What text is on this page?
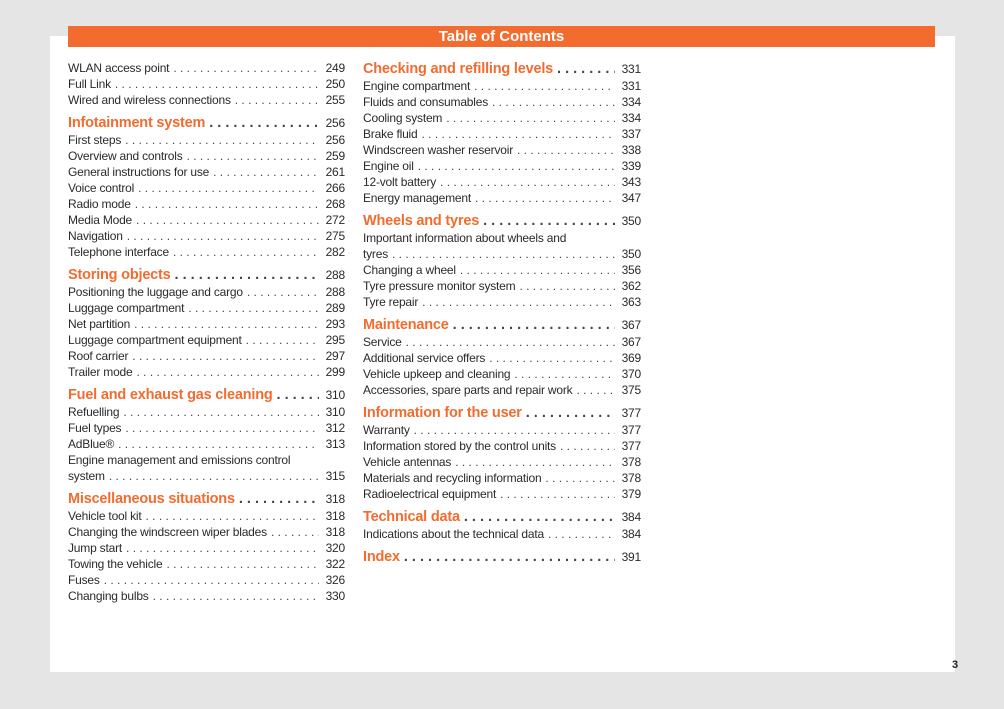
Table of Contents
WLAN access point . . .	249
Full Link . . .	250
Wired and wireless connections . . .	255
Infotainment system . . .	256
First steps . . .	256
Overview and controls . . .	259
General instructions for use . . .	261
Voice control . . .	266
Radio mode . . .	268
Media Mode . . .	272
Navigation . . .	275
Telephone interface . . .	282
Storing objects . . .	288
Positioning the luggage and cargo . . .	288
Luggage compartment . . .	289
Net partition . . .	293
Luggage compartment equipment . . .	295
Roof carrier . . .	297
Trailer mode . . .	299
Fuel and exhaust gas cleaning . . .	310
Refuelling . . .	310
Fuel types . . .	312
AdBlue® . . .	313
Engine management and emissions control
system . . .	315
Miscellaneous situations . . .	318
Vehicle tool kit . . .	318
Changing the windscreen wiper blades . . .	318
Jump start . . .	320
Towing the vehicle . . .	322
Fuses . . .	326
Changing bulbs . . .	330
Checking and refilling levels . . .	331
Engine compartment . . .	331
Fluids and consumables . . .	334
Cooling system . . .	334
Brake fluid . . .	337
Windscreen washer reservoir . . .	338
Engine oil . . .	339
12-volt battery . . .	343
Energy management . . .	347
Wheels and tyres . . .	350
Important information about wheels and
tyres . . .	350
Changing a wheel . . .	356
Tyre pressure monitor system . . .	362
Tyre repair . . .	363
Maintenance . . .	367
Service . . .	367
Additional service offers . . .	369
Vehicle upkeep and cleaning . . .	370
Accessories, spare parts and repair work . . .	375
Information for the user . . .	377
Warranty . . .	377
Information stored by the control units . . .	377
Vehicle antennas . . .	378
Materials and recycling information . . .	378
Radioelectrical equipment . . .	379
Technical data . . .	384
Indications about the technical data . . .	384
Index . . .	391
3
